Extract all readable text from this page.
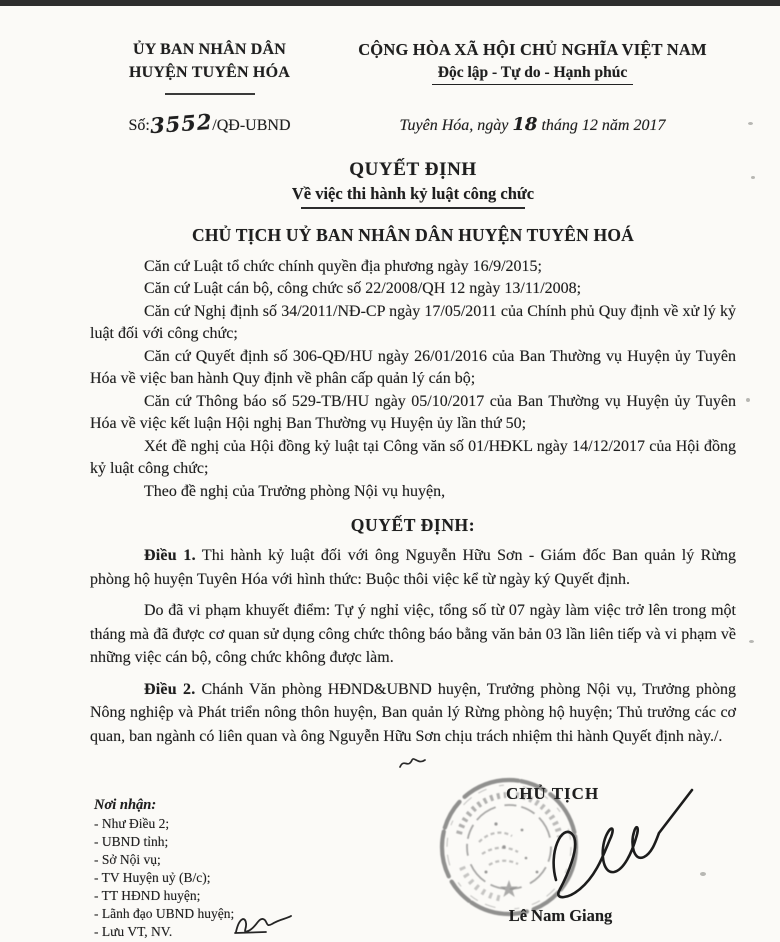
ỦY BAN NHÂN DÂN
HUYỆN TUYÊN HÓA
CỘNG HÒA XÃ HỘI CHỦ NGHĨA VIỆT NAM
Độc lập - Tự do - Hạnh phúc
Số:3552/QĐ-UBND	Tuyên Hóa, ngày 18 tháng 12 năm 2017
QUYẾT ĐỊNH
Về việc thi hành kỷ luật công chức
CHỦ TỊCH UỶ BAN NHÂN DÂN HUYỆN TUYÊN HOÁ

Căn cứ Luật tổ chức chính quyền địa phương ngày 16/9/2015;

Căn cứ Luật cán bộ, công chức số 22/2008/QH 12 ngày 13/11/2008;

Căn cứ Nghị định số 34/2011/NĐ-CP ngày 17/05/2011 của Chính phủ Quy định về xử lý kỷ luật đối với công chức;

Căn cứ Quyết định số 306-QĐ/HU ngày 26/01/2016 của Ban Thường vụ Huyện ủy Tuyên Hóa về việc ban hành Quy định về phân cấp quản lý cán bộ;

Căn cứ Thông báo số 529-TB/HU ngày 05/10/2017 của Ban Thường vụ Huyện ủy Tuyên Hóa về việc kết luận Hội nghị Ban Thường vụ Huyện ủy lần thứ 50;

Xét đề nghị của Hội đồng kỷ luật tại Công văn số 01/HĐKL ngày 14/12/2017 của Hội đồng kỷ luật công chức;

Theo đề nghị của Trưởng phòng Nội vụ huyện,

QUYẾT ĐỊNH:

Điều 1. Thi hành kỷ luật đối với ông Nguyễn Hữu Sơn - Giám đốc Ban quản lý Rừng phòng hộ huyện Tuyên Hóa với hình thức: Buộc thôi việc kể từ ngày ký Quyết định.

Do đã vi phạm khuyết điểm: Tự ý nghỉ việc, tổng số từ 07 ngày làm việc trở lên trong một tháng mà đã được cơ quan sử dụng công chức thông báo bằng văn bản 03 lần liên tiếp và vi phạm về những việc cán bộ, công chức không được làm.

Điều 2. Chánh Văn phòng HĐND&UBND huyện, Trưởng phòng Nội vụ, Trưởng phòng Nông nghiệp và Phát triển nông thôn huyện, Ban quản lý Rừng phòng hộ huyện; Thủ trưởng các cơ quan, ban ngành có liên quan và ông Nguyễn Hữu Sơn chịu trách nhiệm thi hành Quyết định này./.

Nơi nhận:
- Như Điều 2;
- UBND tỉnh;
- Sở Nội vụ;
- TV Huyện uỷ (B/c);
- TT HĐND huyện;
- Lãnh đạo UBND huyện;
- Lưu VT, NV.
CHỦ TỊCH
Lê Nam Giang
